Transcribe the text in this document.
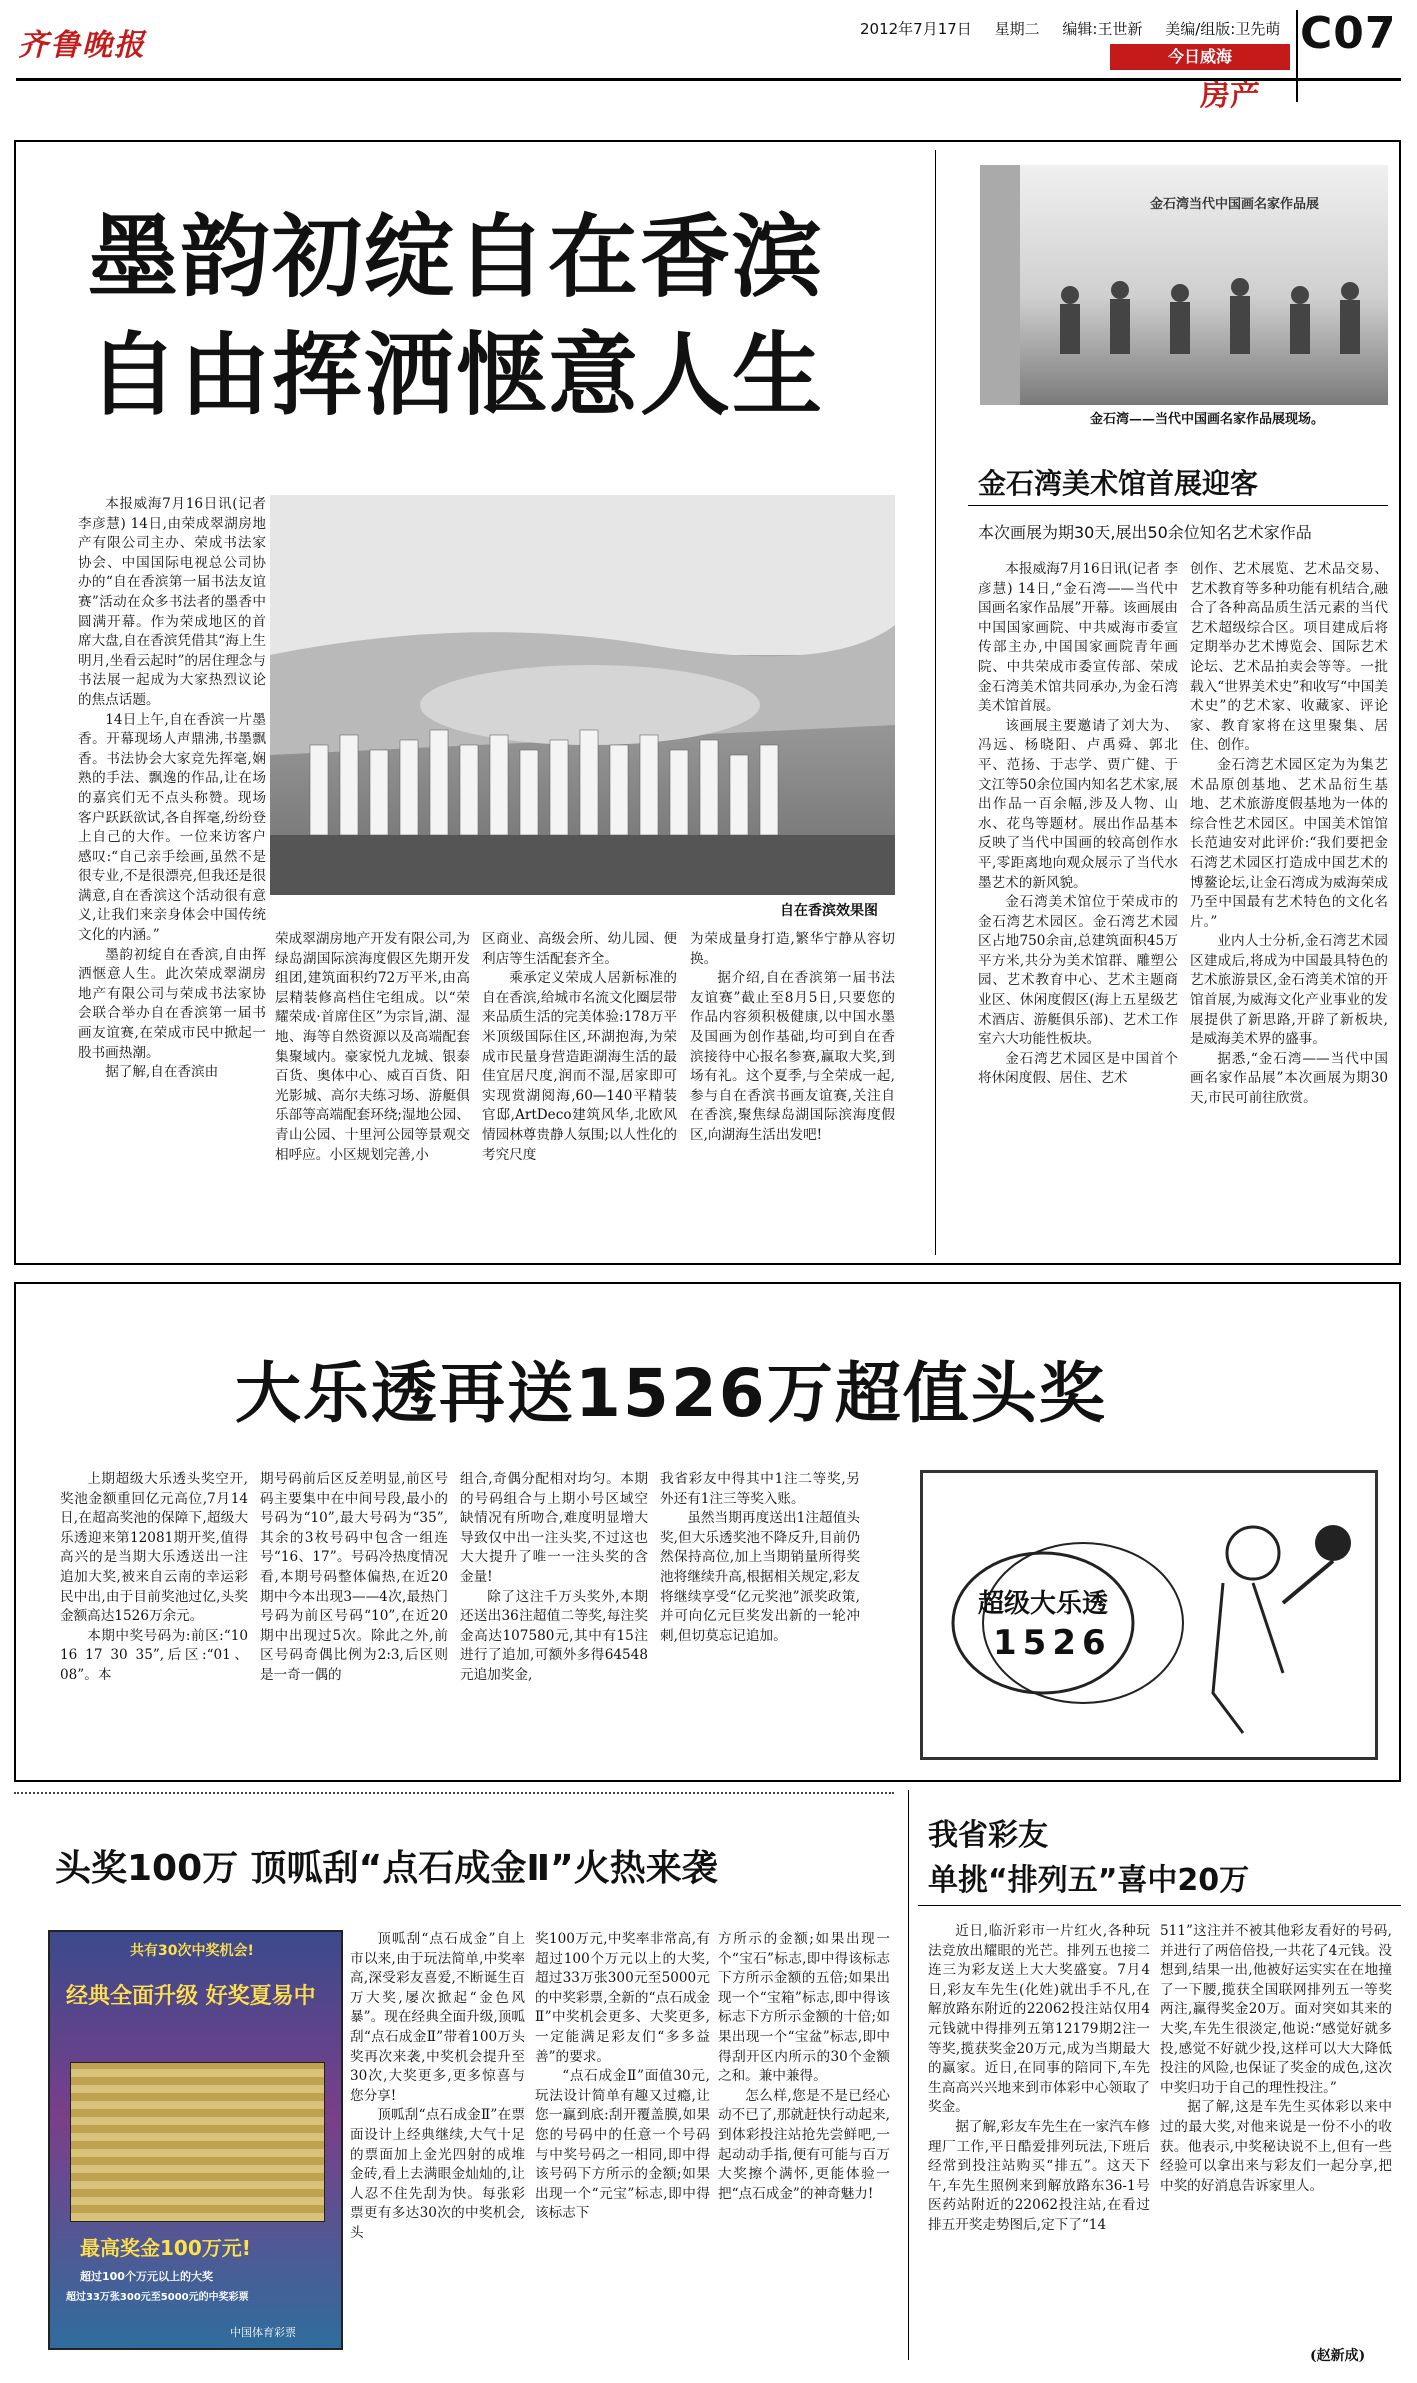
齐鲁晚报	2012年7月17日 星期二 编辑:王世新 美编/组版:卫先萌
今日威海
房产
C07
墨韵初绽自在香滨
自由挥洒惬意人生
自在香滨效果图

本报威海7月16日讯(记者 李彦慧) 14日,由荣成翠湖房地产有限公司主办、荣成书法家协会、中国国际电视总公司协办的“自在香滨第一届书法友谊赛”活动在众多书法者的墨香中圆满开幕。作为荣成地区的首席大盘,自在香滨凭借其“海上生明月,坐看云起时”的居住理念与书法展一起成为大家热烈议论的焦点话题。

14日上午,自在香滨一片墨香。开幕现场人声鼎沸,书墨飘香。书法协会大家竞先挥毫,娴熟的手法、飘逸的作品,让在场的嘉宾们无不点头称赞。现场客户跃跃欲试,各自挥毫,纷纷登上自己的大作。一位来访客户感叹:“自己亲手绘画,虽然不是很专业,不是很漂亮,但我还是很满意,自在香滨这个活动很有意义,让我们来亲身体会中国传统文化的内涵。”

墨韵初绽自在香滨,自由挥洒惬意人生。此次荣成翠湖房地产有限公司与荣成书法家协会联合举办自在香滨第一届书画友谊赛,在荣成市民中掀起一股书画热潮。

据了解,自在香滨由

荣成翠湖房地产开发有限公司,为绿岛湖国际滨海度假区先期开发组团,建筑面积约72万平米,由高层精装修高档住宅组成。以“荣耀荣成·首席住区”为宗旨,湖、湿地、海等自然资源以及高端配套集聚域内。豪家悦九龙城、银泰百货、奥体中心、威百百货、阳光影城、高尔夫练习场、游艇俱乐部等高端配套环绕;湿地公园、青山公园、十里河公园等景观交相呼应。小区规划完善,小

区商业、高级会所、幼儿园、便利店等生活配套齐全。

乘承定义荣成人居新标准的自在香滨,给城市名流文化圈层带来品质生活的完美体验:178万平米顶级国际住区,环湖抱海,为荣成市民量身营造距湖海生活的最佳宜居尺度,润而不湿,居家即可实现赏湖阅海,60—140平精装官邸,ArtDeco建筑风华,北欧风情园林尊贵静人氛围;以人性化的考究尺度

为荣成量身打造,繁华宁静从容切换。

据介绍,自在香滨第一届书法友谊赛”截止至8月5日,只要您的作品内容须积极健康,以中国水墨及国画为创作基础,均可到自在香滨接待中心报名参赛,赢取大奖,到场有礼。这个夏季,与全荣成一起,参与自在香滨书画友谊赛,关注自在香滨,聚焦绿岛湖国际滨海度假区,向湖海生活出发吧!

金石湾当代中国画名家作品展
金石湾——当代中国画名家作品展现场。
金石湾美术馆首展迎客
本次画展为期30天,展出50余位知名艺术家作品

本报威海7月16日讯(记者 李彦慧) 14日,“金石湾——当代中国画名家作品展”开幕。该画展由中国国家画院、中共威海市委宣传部主办,中国国家画院青年画院、中共荣成市委宣传部、荣成金石湾美术馆共同承办,为金石湾美术馆首展。

该画展主要邀请了刘大为、冯远、杨晓阳、卢禹舜、郭北平、范扬、于志学、贾广健、于文江等50余位国内知名艺术家,展出作品一百余幅,涉及人物、山水、花鸟等题材。展出作品基本反映了当代中国画的较高创作水平,零距离地向观众展示了当代水墨艺术的新风貌。

金石湾美术馆位于荣成市的金石湾艺术园区。金石湾艺术园区占地750余亩,总建筑面积45万平方米,共分为美术馆群、雕塑公园、艺术教育中心、艺术主题商业区、休闲度假区(海上五星级艺术酒店、游艇俱乐部)、艺术工作室六大功能性板块。

金石湾艺术园区是中国首个将休闲度假、居住、艺术

创作、艺术展览、艺术品交易、艺术教育等多种功能有机结合,融合了各种高品质生活元素的当代艺术超级综合区。项目建成后将定期举办艺术博览会、国际艺术论坛、艺术品拍卖会等等。一批载入“世界美术史”和收写“中国美术史”的艺术家、收藏家、评论家、教育家将在这里聚集、居住、创作。

金石湾艺术园区定为为集艺术品原创基地、艺术品衍生基地、艺术旅游度假基地为一体的综合性艺术园区。中国美术馆馆长范迪安对此评价:“我们要把金石湾艺术园区打造成中国艺术的博鳌论坛,让金石湾成为威海荣成乃至中国最有艺术特色的文化名片。”

业内人士分析,金石湾艺术园区建成后,将成为中国最具特色的艺术旅游景区,金石湾美术馆的开馆首展,为威海文化产业事业的发展提供了新思路,开辟了新板块,是威海美术界的盛事。

据悉,“金石湾——当代中国画名家作品展”本次画展为期30天,市民可前往欣赏。

大乐透再送1526万超值头奖

上期超级大乐透头奖空开,奖池金额重回亿元高位,7月14日,在超高奖池的保障下,超级大乐透迎来第12081期开奖,值得高兴的是当期大乐透送出一注追加大奖,被来自云南的幸运彩民中出,由于目前奖池过亿,头奖金额高达1526万余元。

本期中奖号码为:前区:“10 16 17 30 35”,后区:“01、08”。本

期号码前后区反差明显,前区号码主要集中在中间号段,最小的号码为“10”,最大号码为“35”,其余的3枚号码中包含一组连号“16、17”。号码冷热度情况看,本期号码整体偏热,在近20期中今本出现3——4次,最热门号码为前区号码“10”,在近20期中出现过5次。除此之外,前区号码奇偶比例为2:3,后区则是一奇一偶的

组合,奇偶分配相对均匀。本期的号码组合与上期小号区域空缺情况有所吻合,难度明显增大导致仅中出一注头奖,不过这也大大提升了唯一一注头奖的含金量!

除了这注千万头奖外,本期还送出36注超值二等奖,每注奖金高达107580元,其中有15注进行了追加,可额外多得64548元追加奖金,

我省彩友中得其中1注二等奖,另外还有1注三等奖入账。

虽然当期再度送出1注超值头奖,但大乐透奖池不降反升,目前仍然保持高位,加上当期销量所得奖池将继续升高,根据相关规定,彩友将继续享受“亿元奖池”派奖政策,并可向亿元巨奖发出新的一轮冲刺,但切莫忘记追加。

超级大乐透
1526
头奖100万 顶呱刮“点石成金Ⅱ”火热来袭
共有30次中奖机会!
经典全面升级 好奖夏易中
最高奖金100万元!
超过100个万元以上的大奖
超过33万张300元至5000元的中奖彩票
中国体育彩票

顶呱刮“点石成金”自上市以来,由于玩法简单,中奖率高,深受彩友喜爱,不断诞生百万大奖,屡次掀起“金色风暴”。现在经典全面升级,顶呱刮“点石成金Ⅱ”带着100万头奖再次来袭,中奖机会提升至30次,大奖更多,更多惊喜与您分享!

顶呱刮“点石成金Ⅱ”在票面设计上经典继续,大气十足的票面加上金光四射的成堆金砖,看上去满眼金灿灿的,让人忍不住先刮为快。每张彩票更有多达30次的中奖机会,头

奖100万元,中奖率非常高,有超过100个万元以上的大奖,超过33万张300元至5000元的中奖彩票,全新的“点石成金Ⅱ”中奖机会更多、大奖更多,一定能满足彩友们“多多益善”的要求。

“点石成金Ⅱ”面值30元,玩法设计简单有趣又过瘾,让您一赢到底:刮开覆盖膜,如果您的号码中的任意一个号码与中奖号码之一相同,即中得该号码下方所示的金额;如果出现一个“元宝”标志,即中得该标志下

方所示的金额;如果出现一个“宝石”标志,即中得该标志下方所示金额的五倍;如果出现一个“宝箱”标志,即中得该标志下方所示金额的十倍;如果出现一个“宝盆”标志,即中得刮开区内所示的30个金额之和。兼中兼得。

怎么样,您是不是已经心动不已了,那就赶快行动起来,到体彩投注站抢先尝鲜吧,一起动动手指,便有可能与百万大奖擦个满怀,更能体验一把“点石成金”的神奇魅力!

我省彩友
单挑“排列五”喜中20万

近日,临沂彩市一片红火,各种玩法竞放出耀眼的光芒。排列五也接二连三为彩友送上大大奖盛宴。7月4日,彩友车先生(化姓)就出手不凡,在解放路东附近的22062投注站仅用4元钱就中得排列五第12179期2注一等奖,揽获奖金20万元,成为当期最大的赢家。近日,在同事的陪同下,车先生高高兴兴地来到市体彩中心领取了奖金。

据了解,彩友车先生在一家汽车修理厂工作,平日酷爱排列玩法,下班后经常到投注站购买“排五”。这天下午,车先生照例来到解放路东36-1号医药站附近的22062投注站,在看过排五开奖走势图后,定下了“14

511”这注并不被其他彩友看好的号码,并进行了两倍倍投,一共花了4元钱。没想到,结果一出,他被好运实实在在地撞了一下腰,揽获全国联网排列五一等奖两注,赢得奖金20万。面对突如其来的大奖,车先生很淡定,他说:“感觉好就多投,感觉不好就少投,这样可以大大降低投注的风险,也保证了奖金的成色,这次中奖归功于自己的理性投注。”

据了解,这是车先生买体彩以来中过的最大奖,对他来说是一份不小的收获。他表示,中奖秘诀说不上,但有一些经验可以拿出来与彩友们一起分享,把中奖的好消息告诉家里人。

(赵新成)
